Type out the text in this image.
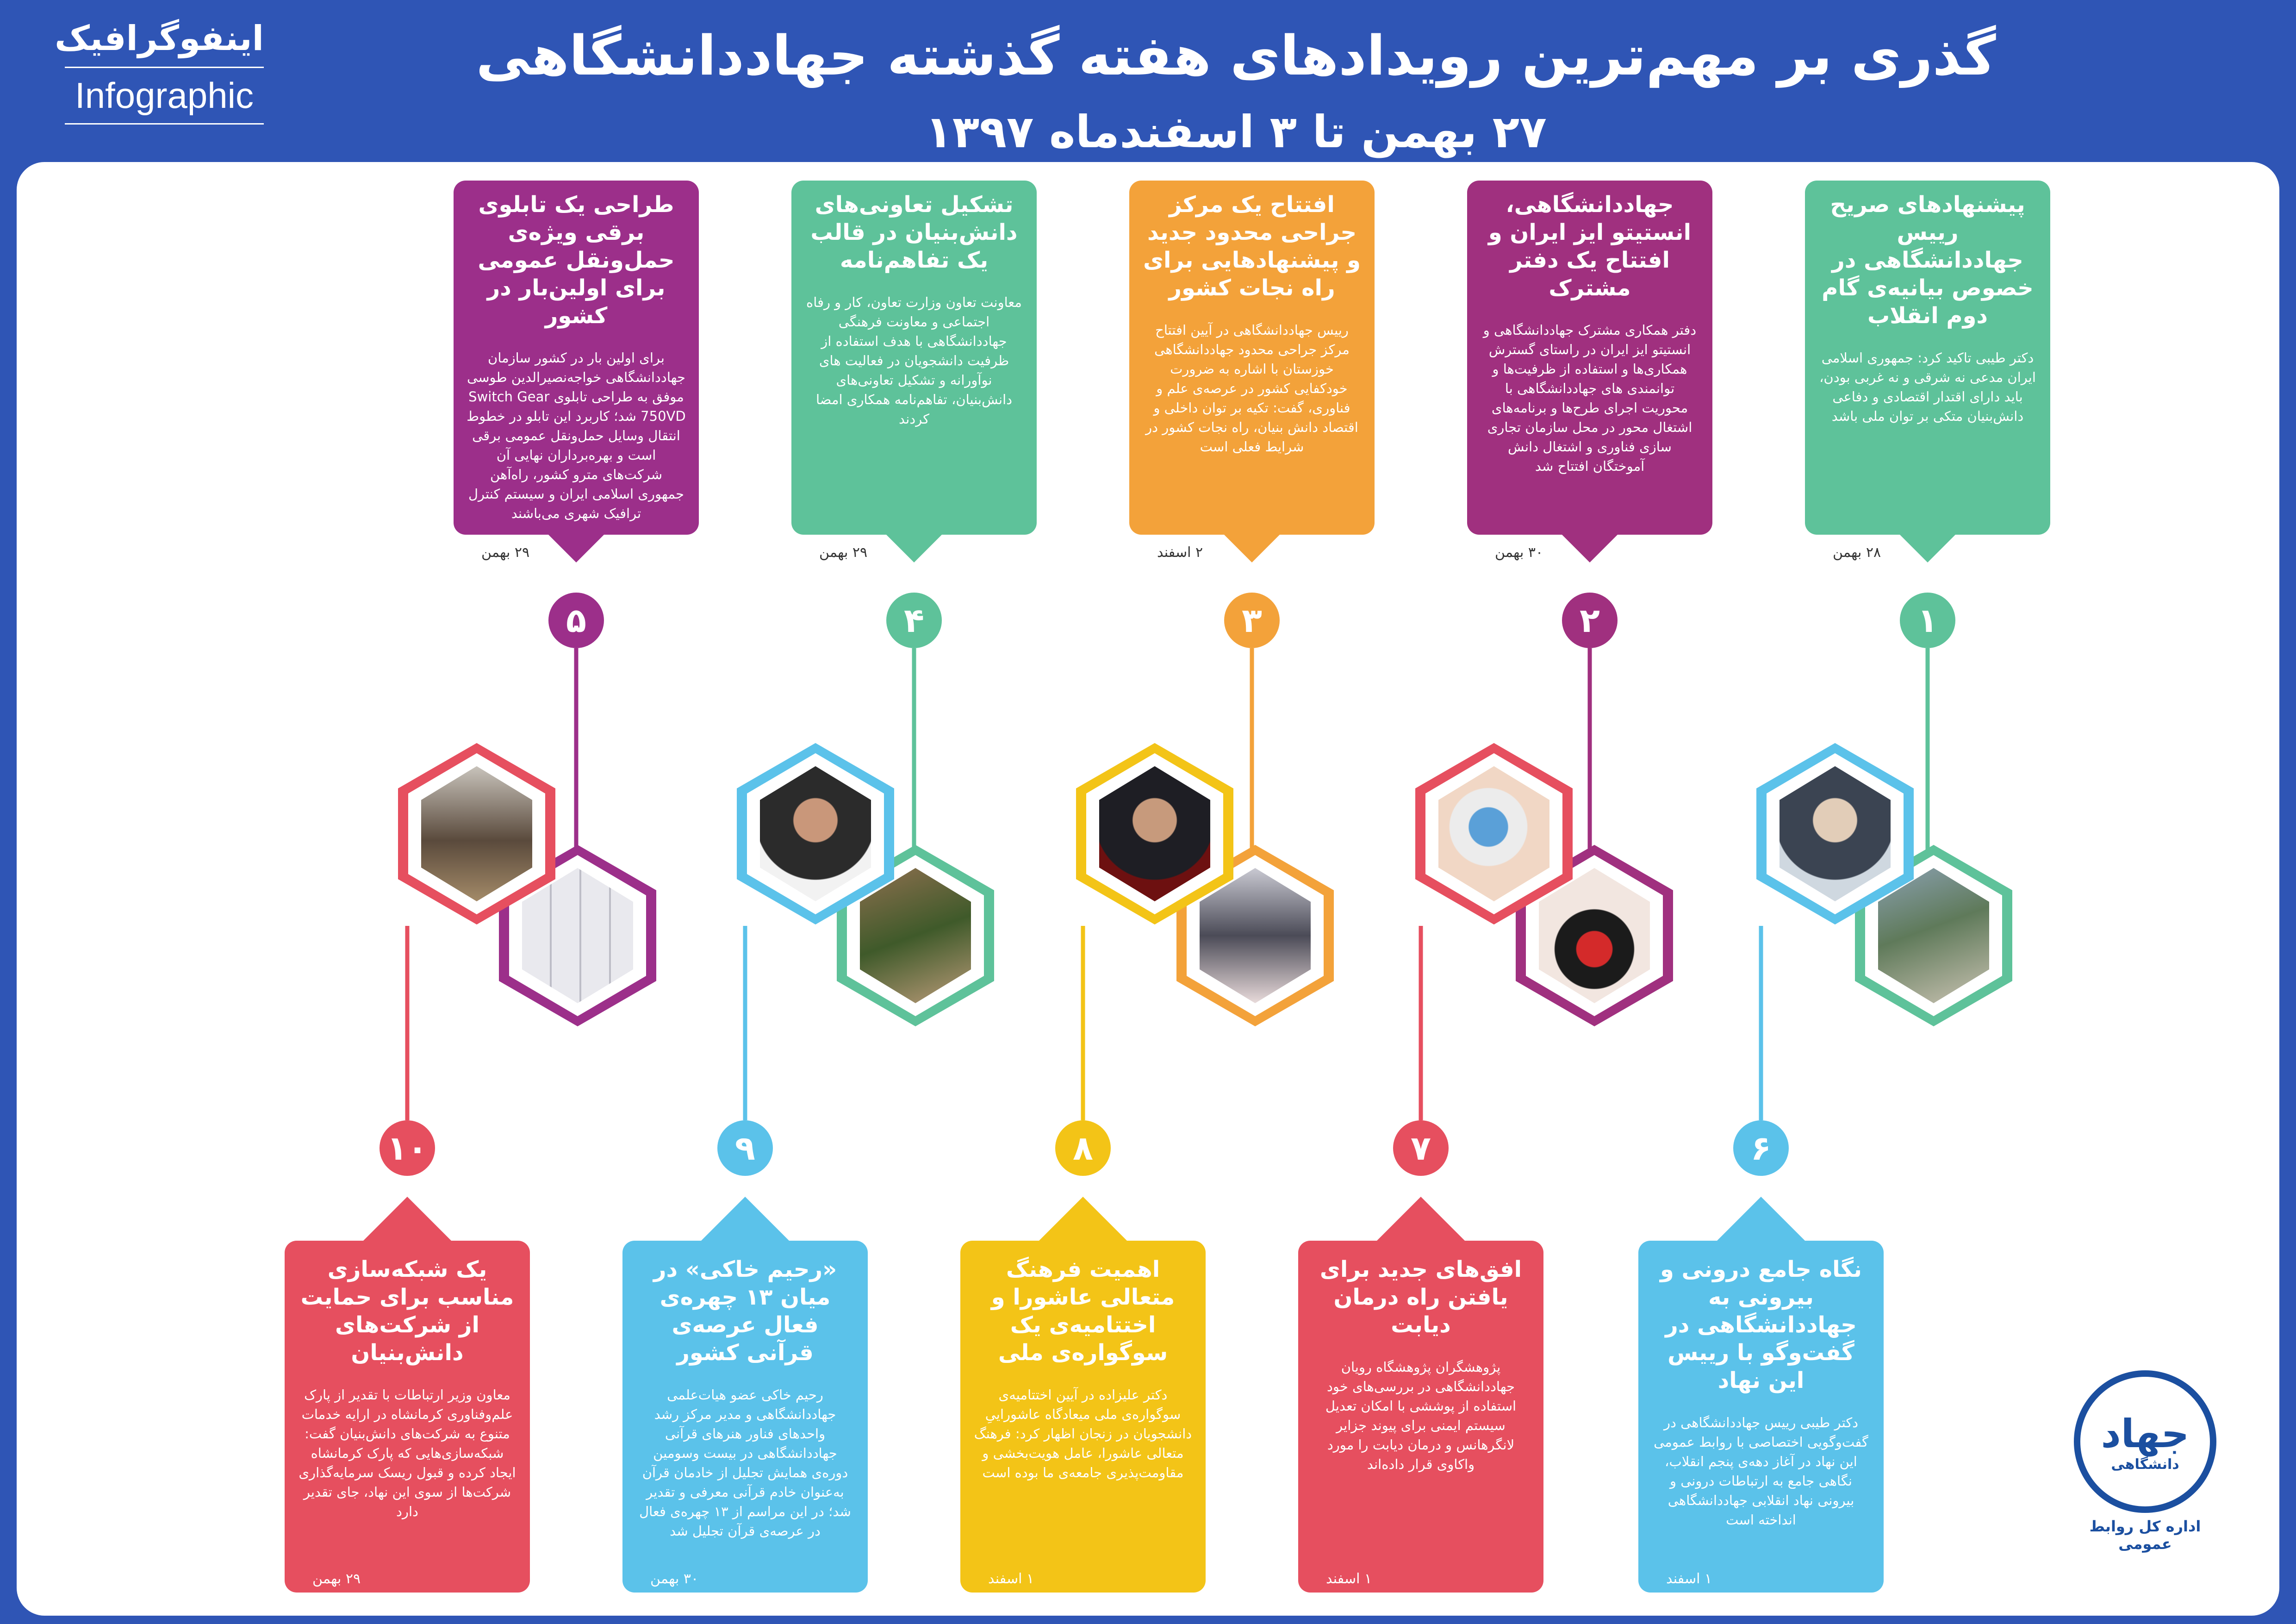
اینفوگرافیک
Infographic
گذری بر مهم‌ترین رویدادهای هفته گذشته جهاددانشگاهی
۲۷ بهمن تا ۳ اسفندماه ۱۳۹۷
پیشنهادهای صریح رییس جهاددانشگاهی در خصوص بیانیه‌ی گام دوم انقلاب
دکتر طیبی تاکید کرد: جمهوری اسلامی ایران مدعی نه شرقی و نه غربی بودن، باید دارای اقتدار اقتصادی و دفاعی دانش‌بنیان متکی بر توان ملی باشد
۲۸ بهمن
۱
جهاددانشگاهی، انستیتو ایز ایران و افتتاح یک دفتر مشترک
دفتر همکاری مشترک جهاددانشگاهی و انستیتو ایز ایران در راستای گسترش همکاری‌ها و استفاده از ظرفیت‌ها و توانمندی های جهاددانشگاهی با محوریت اجرای طرح‌ها و برنامه‌های اشتغال محور در محل سازمان تجاری سازی فناوری و اشتغال دانش آموختگان افتتاح شد
۳۰ بهمن
۲
افتتاح یک مرکز جراحی محدود جدید و پیشنهادهایی برای راه نجات کشور
رییس جهاددانشگاهی در آیین افتتاح مرکز جراحی محدود جهاددانشگاهی خوزستان با اشاره به ضرورت خودکفایی کشور در عرصه‌ی علم و فناوری، گفت: تکیه بر توان داخلی و اقتصاد دانش بنیان، راه نجات کشور در شرایط فعلی است
۲ اسفند
۳
تشکیل تعاونی‌های دانش‌بنیان در قالب یک تفاهم‌نامه
معاونت تعاون وزارت تعاون، کار و رفاه اجتماعی و معاونت فرهنگی جهاددانشگاهی با هدف استفاده از ظرفیت دانشجویان در فعالیت های نوآورانه و تشکیل تعاونی‌های دانش‌بنیان، تفاهم‌نامه همکاری امضا کردند
۲۹ بهمن
۴
طراحی یک تابلوی برقی ویژه‌ی حمل‌ونقل عمومی برای اولین‌بار در کشور
برای اولین بار در کشور سازمان جهاددانشگاهی خواجه‌نصیرالدین طوسی موفق به طراحی تابلوی Switch Gear 750VD شد؛ کاربرد این تابلو در خطوط انتقال وسایل حمل‌ونقل عمومی برقی است و بهره‌برداران نهایی آن شرکت‌های مترو کشور، راه‌آهن جمهوری اسلامی ایران و سیستم کنترل ترافیک شهری می‌باشند
۲۹ بهمن
۵
نگاه جامع درونی و بیرونی به جهاددانشگاهی در گفت‌وگو با رییس این نهاد
دکتر طیبی رییس جهاددانشگاهی در گفت‌وگویی اختصاصی با روابط عمومی این نهاد در آغاز دهه‌ی پنجم انقلاب، نگاهی جامع به ارتباطات درونی و بیرونی نهاد انقلابی جهاددانشگاهی انداخته است
۱ اسفند
۶
افق‌های جدید برای یافتن راه درمان دیابت
پژوهشگران پژوهشگاه رویان جهاددانشگاهی در بررسی‌های خود استفاده از پوششی با امکان تعدیل سیستم ایمنی برای پیوند جزایر لانگرهانس و درمان دیابت را مورد واکاوی قرار داده‌اند
۱ اسفند
۷
اهمیت فرهنگ متعالی عاشورا و اختتامیه‌ی یک سوگواره‌ی ملی
دکتر علیزاده در آیین اختتامیه‌ی سوگواره‌ی ملی میعادگاه عاشوراییِ دانشجویان در زنجان اظهار کرد: فرهنگ متعالی عاشورا، عامل هویت‌بخشی و مقاومت‌پذیری جامعه‌ی ما بوده است
۱ اسفند
۸
«رحیم خاکی» در میان ۱۳ چهره‌ی فعال عرصه‌ی قرآنی کشور
رحیم خاکی عضو هیات‌علمی جهاددانشگاهی و مدیر مرکز رشد واحدهای فناور هنرهای قرآنی جهاددانشگاهی در بیست وسومین دوره‌ی همایش تجلیل از خادمان قرآن به‌عنوان خادم قرآنی معرفی و تقدیر شد؛ در این مراسم از ۱۳ چهره‌ی فعال در عرصه‌ی قرآن تجلیل شد
۳۰ بهمن
۹
یک شبکه‌سازی مناسب برای حمایت از شرکت‌های دانش‌بنیان
معاون وزیر ارتباطات با تقدیر از پارک علم‌وفناوری کرمانشاه در ارایه خدمات متنوع به شرکت‌های دانش‌بنیان گفت: شبکه‌سازی‌هایی که پارک کرمانشاه ایجاد کرده و قبول ریسک سرمایه‌گذاری شرکت‌ها از سوی این نهاد، جای تقدیر دارد
۲۹ بهمن
۱۰
جهاد
دانشگاهی
اداره کل روابط عمومی
